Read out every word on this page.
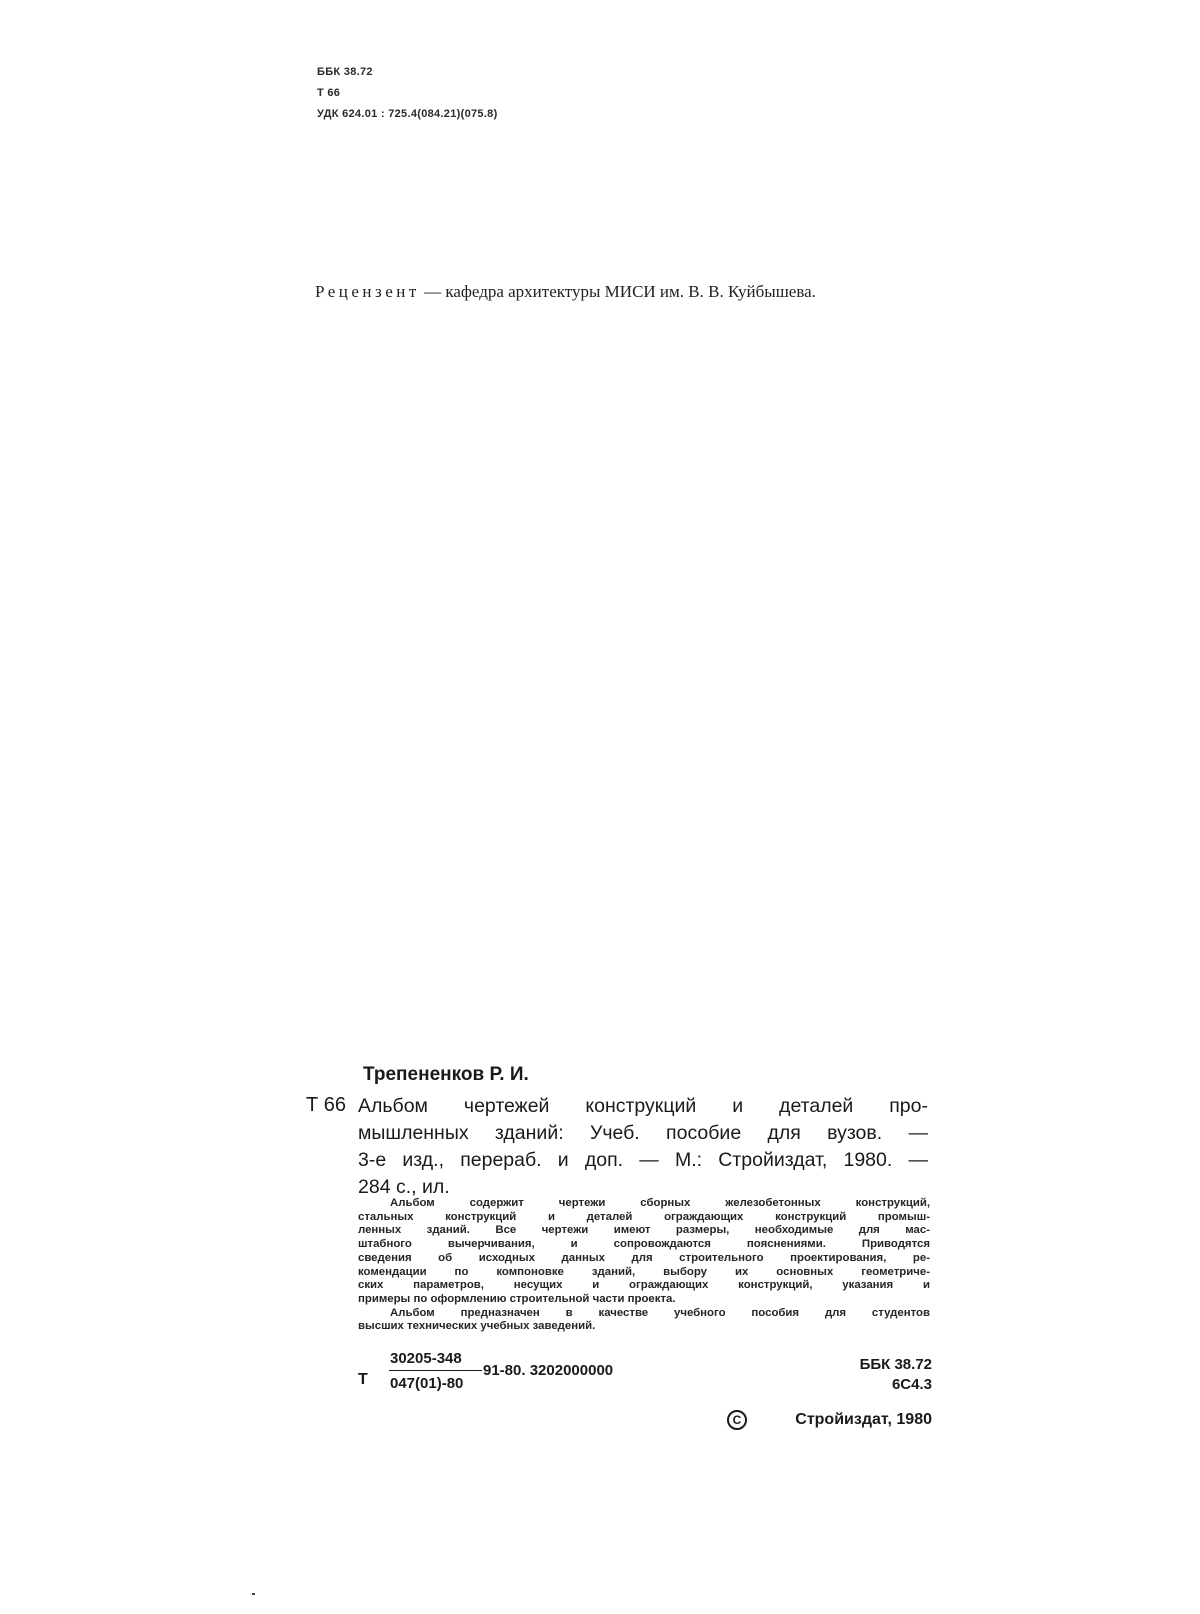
ББК 38.72
Т 66
УДК 624.01 : 725.4(084.21)(075.8)
Рецензент — кафедра архитектуры МИСИ им. В. В. Куйбышева.
Трепененков Р. И.
Т 66 Альбом чертежей конструкций и деталей про-
мышленных зданий: Учеб. пособие для вузов. —
3-е изд., перераб. и доп. — М.: Стройиздат, 1980. —
284 с., ил.
Альбом содержит чертежи сборных железобетонных конструкций,
стальных конструкций и деталей ограждающих конструкций промыш-
ленных зданий. Все чертежи имеют размеры, необходимые для мас-
штабного вычерчивания, и сопровождаются пояснениями. Приводятся
сведения об исходных данных для строительного проектирования, ре-
комендации по компоновке зданий, выбору их основных геометриче-
ских параметров, несущих и ограждающих конструкций, указания и
примеры по оформлению строительной части проекта.
Альбом предназначен в качестве учебного пособия для студентов
высших технических учебных заведений.
Т
30205-348
047(01)-80
91-80. 3202000000	ББК 38.72
6С4.3
C	Стройиздат, 1980
